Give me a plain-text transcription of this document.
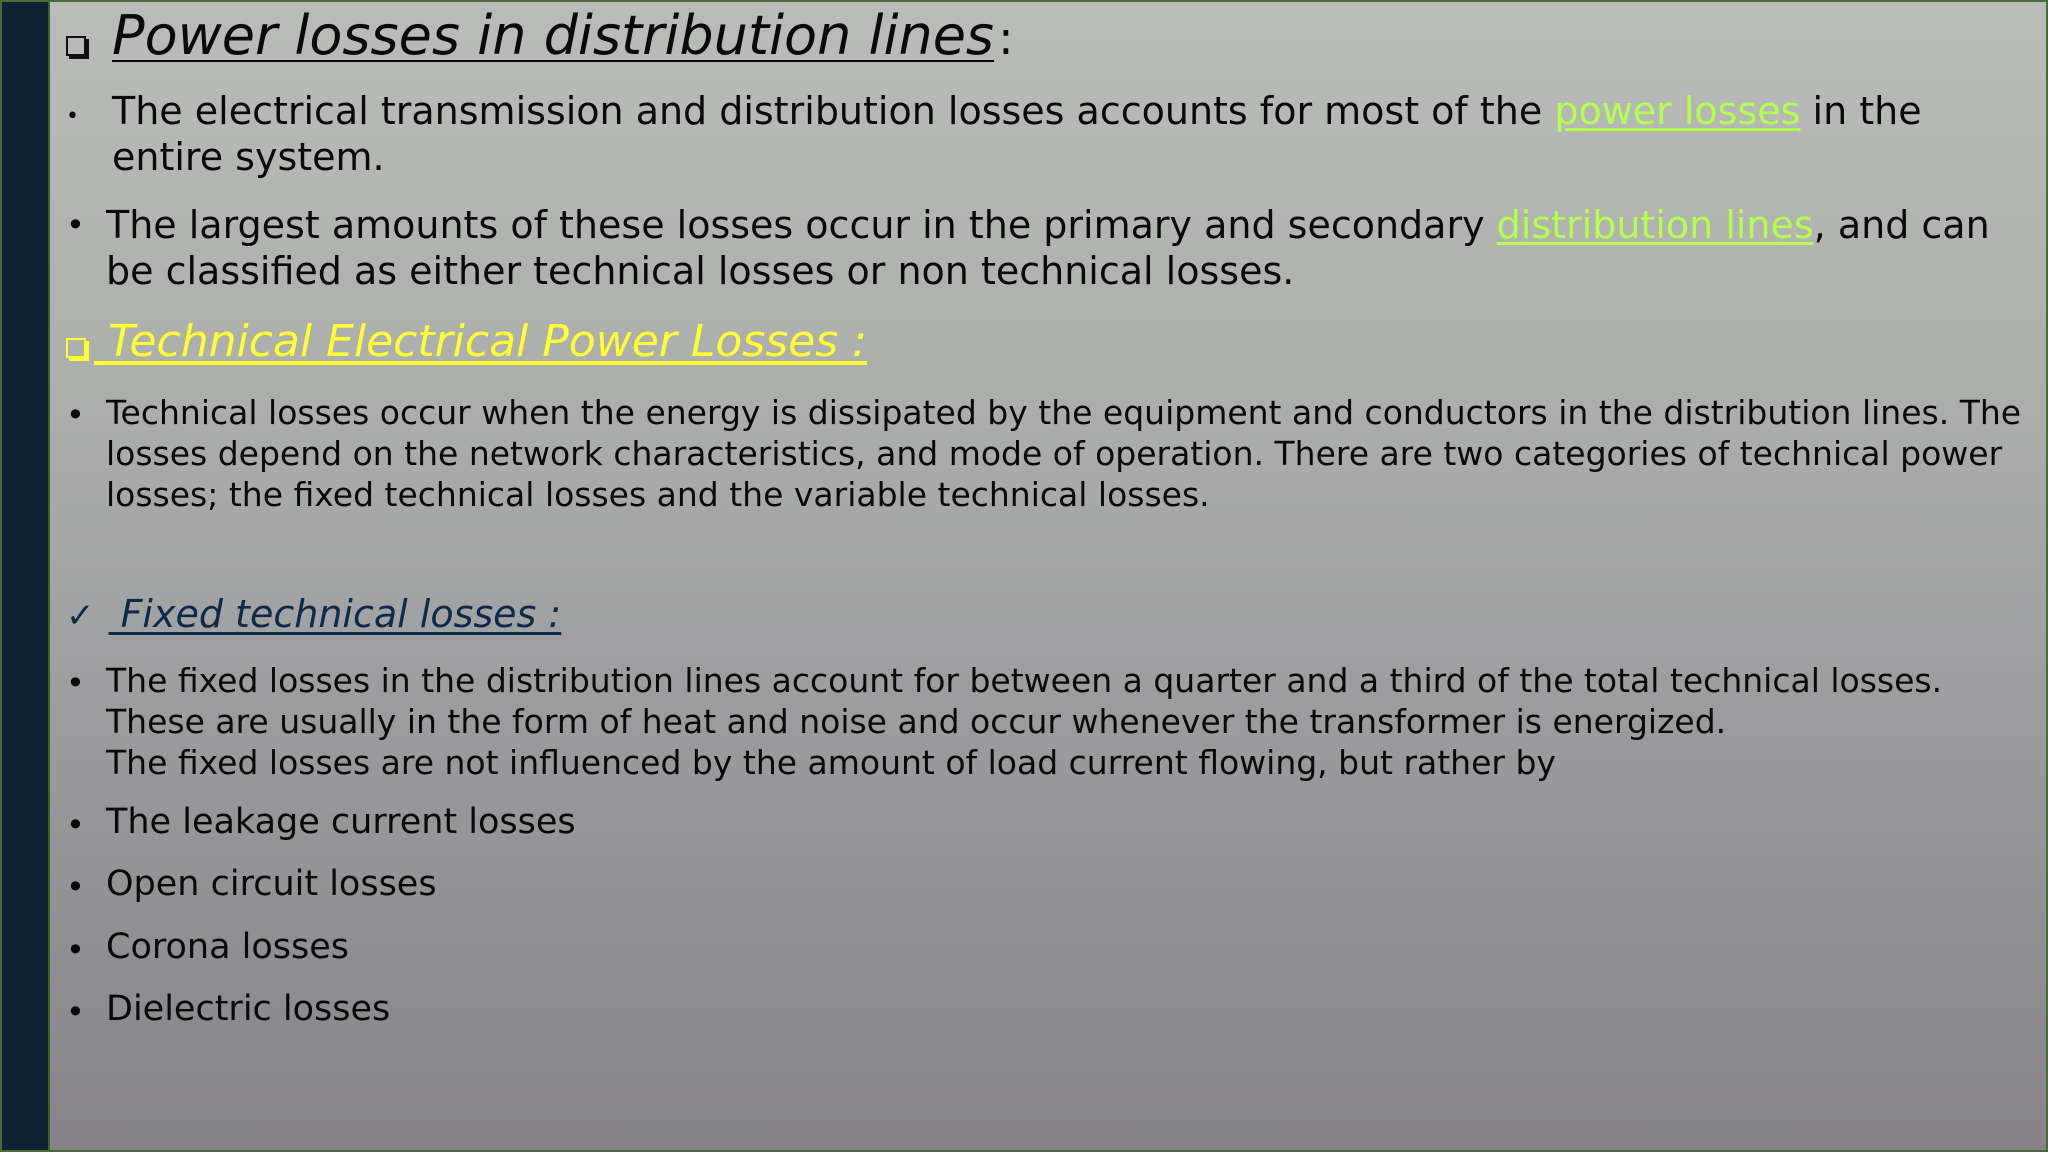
Power losses in distribution lines:
• The electrical transmission and distribution losses accounts for most of the power losses in the entire system.
• The largest amounts of these losses occur in the primary and secondary distribution lines, and can be classified as either technical losses or non technical losses.
Technical Electrical Power Losses :
• Technical losses occur when the energy is dissipated by the equipment and conductors in the distribution lines. The losses depend on the network characteristics, and mode of operation. There are two categories of technical power losses; the fixed technical losses and the variable technical losses.
✓ Fixed technical losses :
• The fixed losses in the distribution lines account for between a quarter and a third of the total technical losses.
These are usually in the form of heat and noise and occur whenever the transformer is energized.
The fixed losses are not influenced by the amount of load current flowing, but rather by
• The leakage current losses
• Open circuit losses
• Corona losses
• Dielectric losses
